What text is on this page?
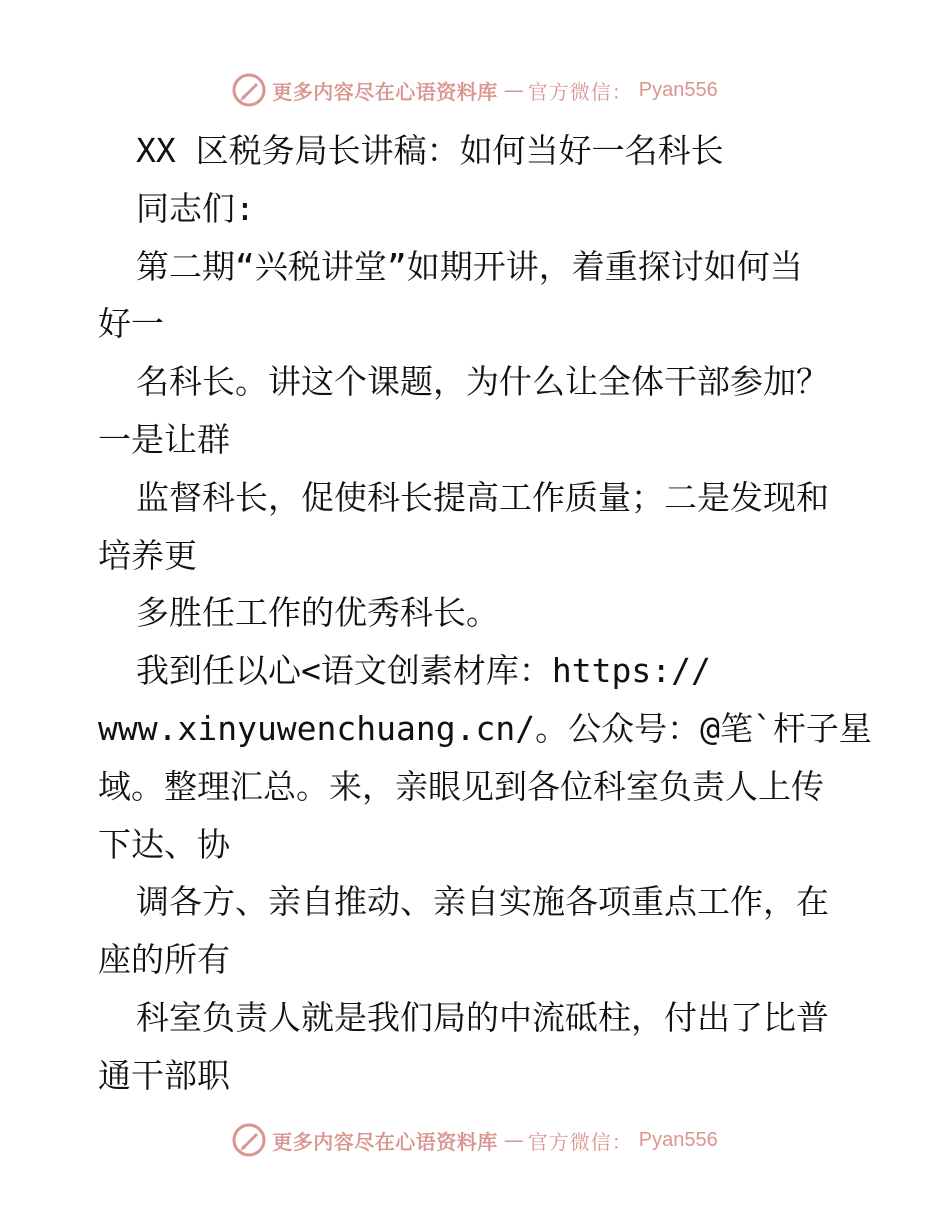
更多内容尽在心语资料库 — 官方微信： Pyan556
XX 区税务局长讲稿：如何当好一名科长
同志们:
第二期“兴税讲堂”如期开讲，着重探讨如何当
好一
名科长。讲这个课题，为什么让全体干部参加？
一是让群
监督科长，促使科长提高工作质量；二是发现和
培养更
多胜任工作的优秀科长。
我到任以心<语文创素材库：https://
www.xinyuwenchuang.cn/。公众号：@笔`杆子星
域。整理汇总。来，亲眼见到各位科室负责人上传
下达、协
调各方、亲自推动、亲自实施各项重点工作，在
座的所有
科室负责人就是我们局的中流砥柱，付出了比普
通干部职
更多内容尽在心语资料库 — 官方微信： Pyan556
